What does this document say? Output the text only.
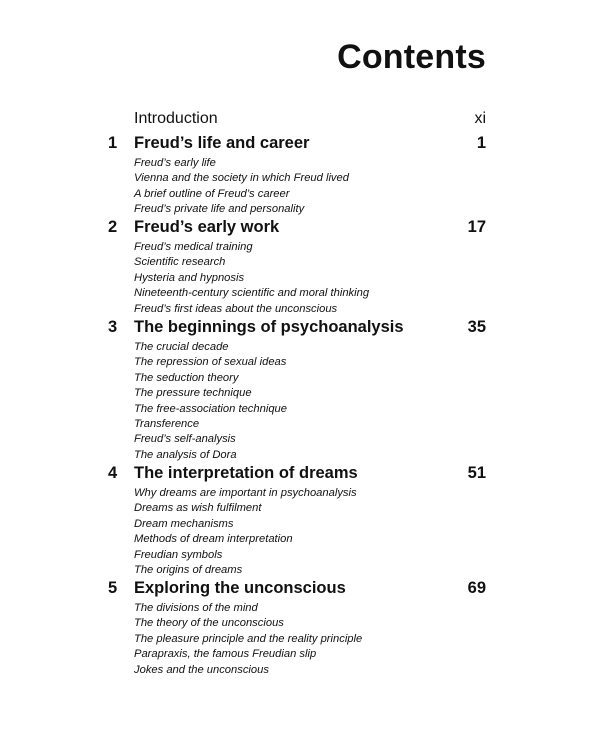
Contents
Introduction	xi
1	Freud’s life and career	1
Freud’s early life
Vienna and the society in which Freud lived
A brief outline of Freud’s career
Freud’s private life and personality
2	Freud’s early work	17
Freud’s medical training
Scientific research
Hysteria and hypnosis
Nineteenth-century scientific and moral thinking
Freud’s first ideas about the unconscious
3	The beginnings of psychoanalysis	35
The crucial decade
The repression of sexual ideas
The seduction theory
The pressure technique
The free-association technique
Transference
Freud’s self-analysis
The analysis of Dora
4	The interpretation of dreams	51
Why dreams are important in psychoanalysis
Dreams as wish fulfilment
Dream mechanisms
Methods of dream interpretation
Freudian symbols
The origins of dreams
5	Exploring the unconscious	69
The divisions of the mind
The theory of the unconscious
The pleasure principle and the reality principle
Parapraxis, the famous Freudian slip
Jokes and the unconscious
